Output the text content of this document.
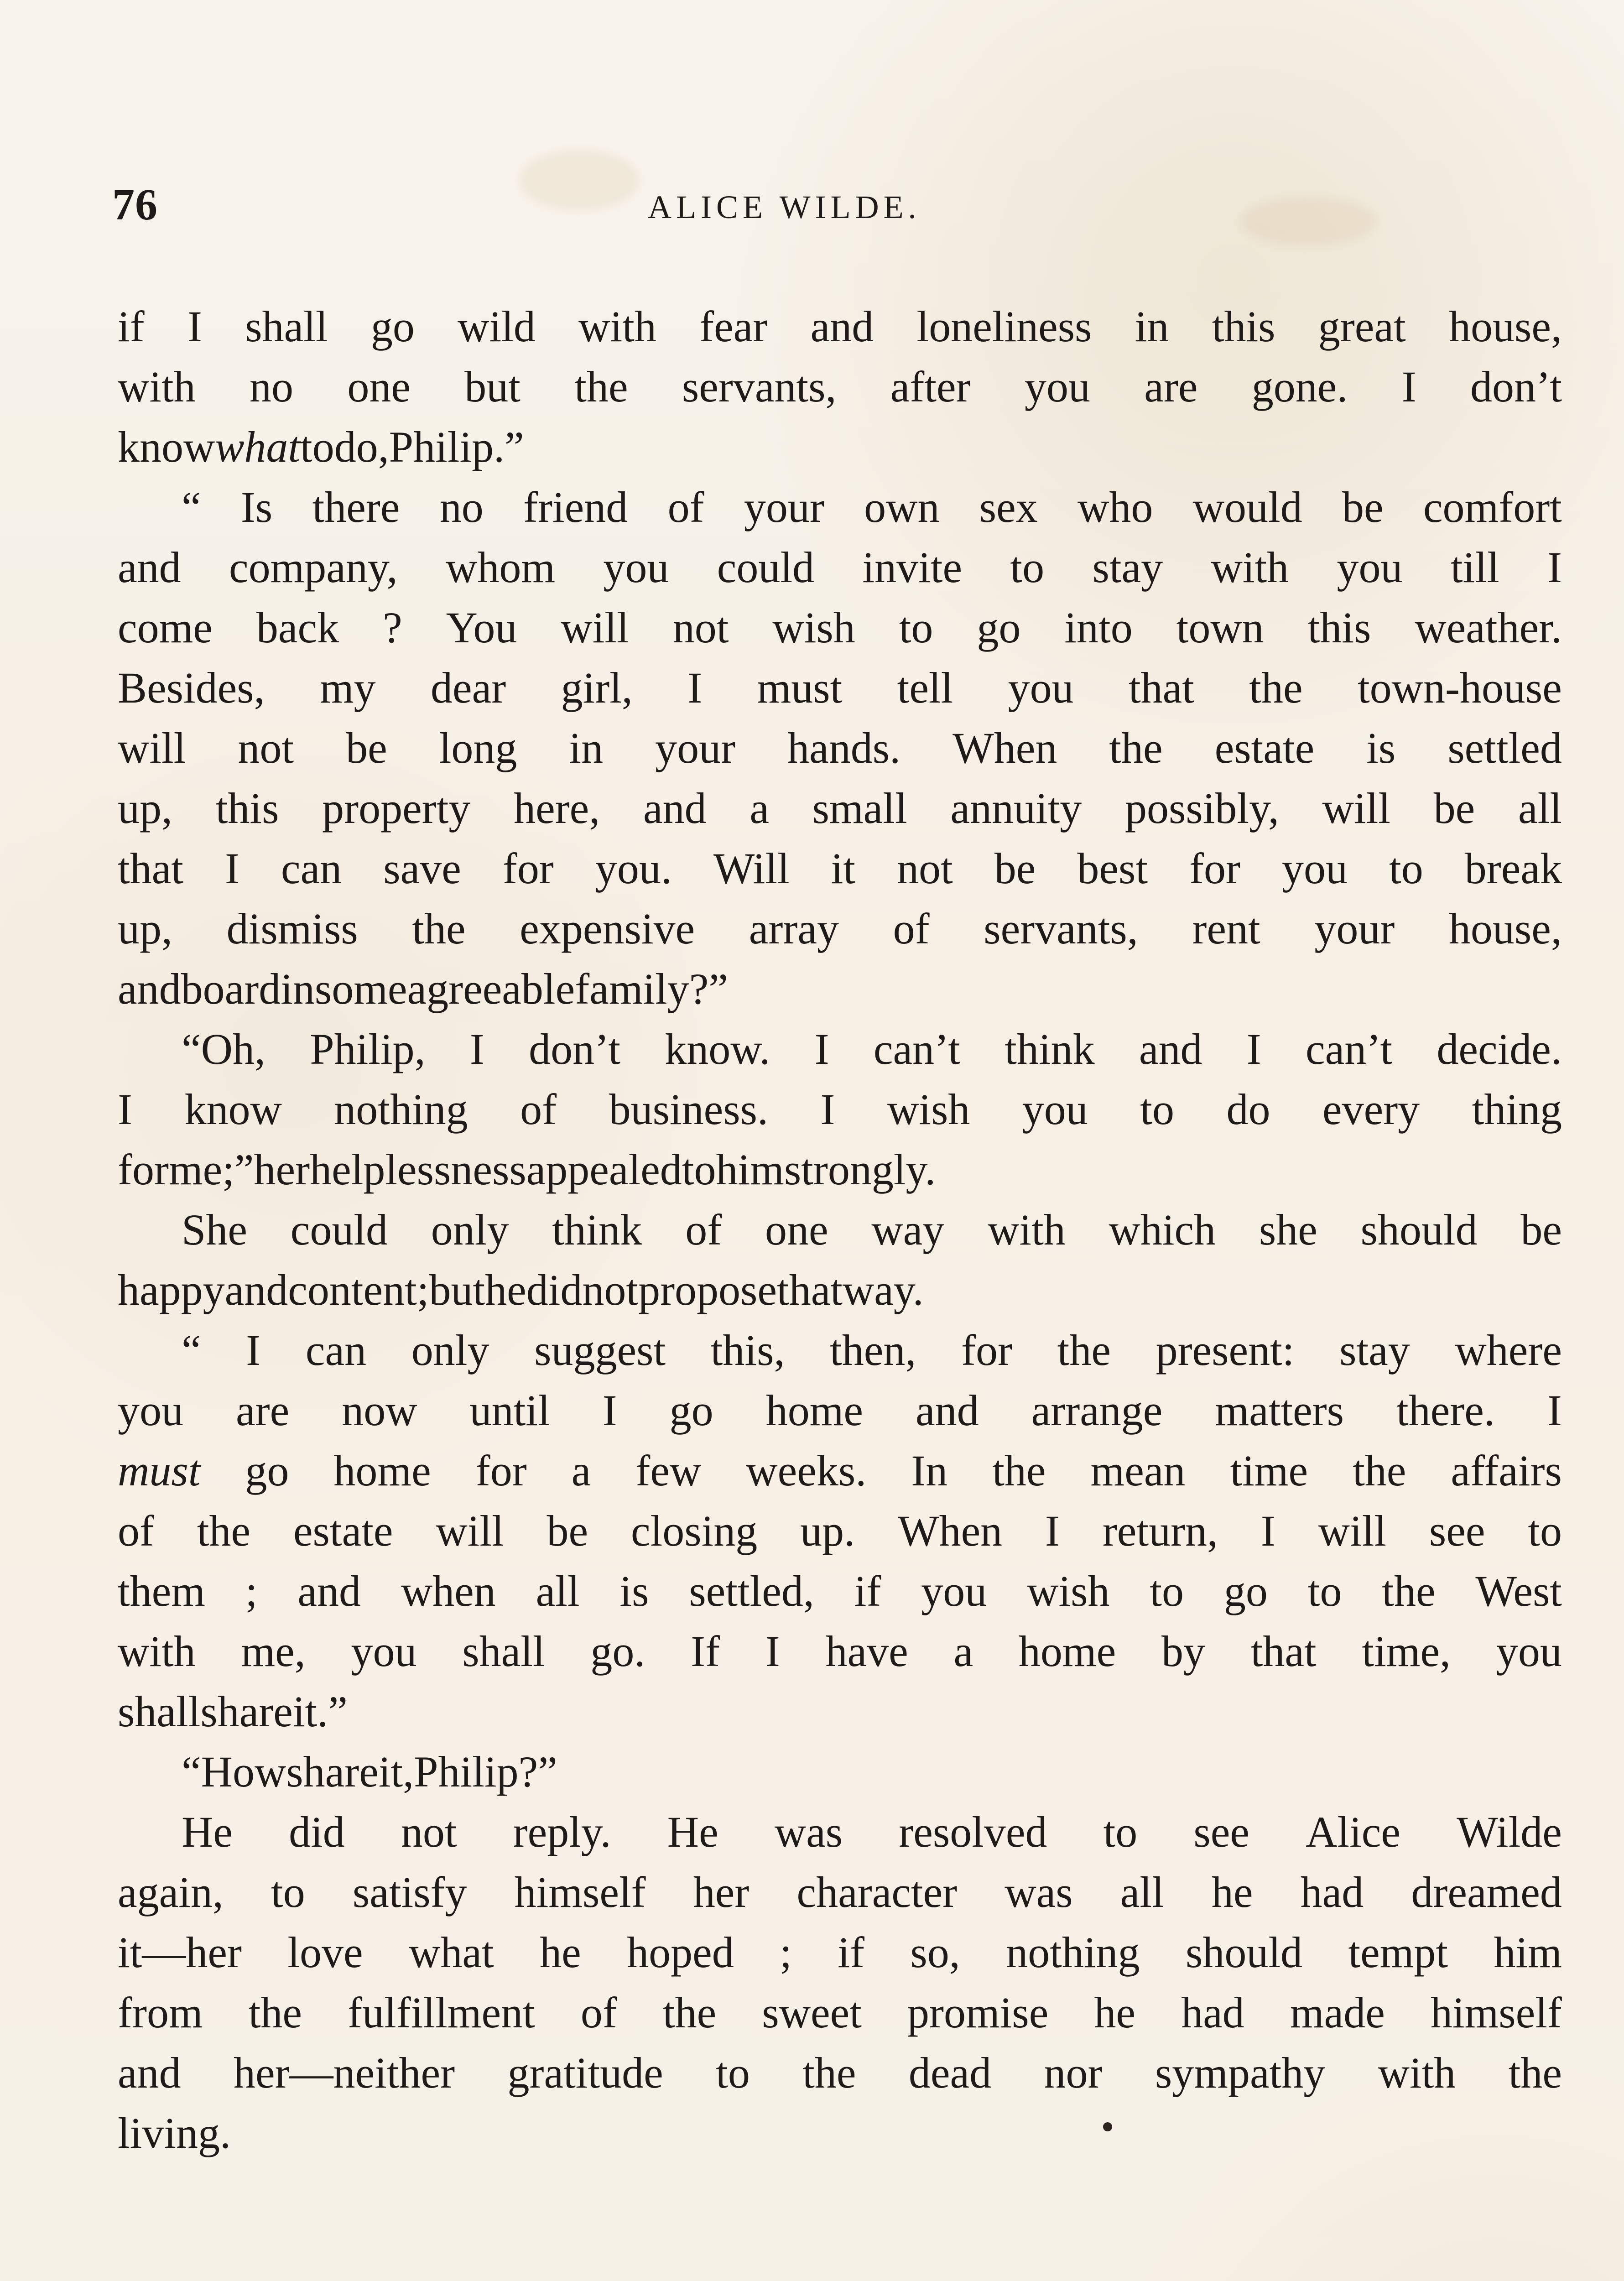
76	ALICE WILDE.
if I shall go wild with fear and loneliness in this great house,
with no one but the servants, after you are gone. I don’t
know what to do, Philip.”
“ Is there no friend of your own sex who would be comfort
and company, whom you could invite to stay with you till I
come back ? You will not wish to go into town this weather.
Besides, my dear girl, I must tell you that the town-house
will not be long in your hands. When the estate is settled
up, this property here, and a small annuity possibly, will be all
that I can save for you. Will it not be best for you to break
up, dismiss the expensive array of servants, rent your house,
and board in some agreeable family ?”
“Oh, Philip, I don’t know. I can’t think and I can’t decide.
I know nothing of business. I wish you to do every thing
for me ;” her helplessness appealed to him strongly.
She could only think of one way with which she should be
happy and content ; but he did not propose that way.
“ I can only suggest this, then, for the present: stay where
you are now until I go home and arrange matters there. I
must go home for a few weeks. In the mean time the affairs
of the estate will be closing up. When I return, I will see to
them ; and when all is settled, if you wish to go to the West
with me, you shall go. If I have a home by that time, you
shall share it.”
“ How share it, Philip ?”
He did not reply. He was resolved to see Alice Wilde
again, to satisfy himself her character was all he had dreamed
it—her love what he hoped ; if so, nothing should tempt him
from the fulfillment of the sweet promise he had made himself
and her—neither gratitude to the dead nor sympathy with the
living.
